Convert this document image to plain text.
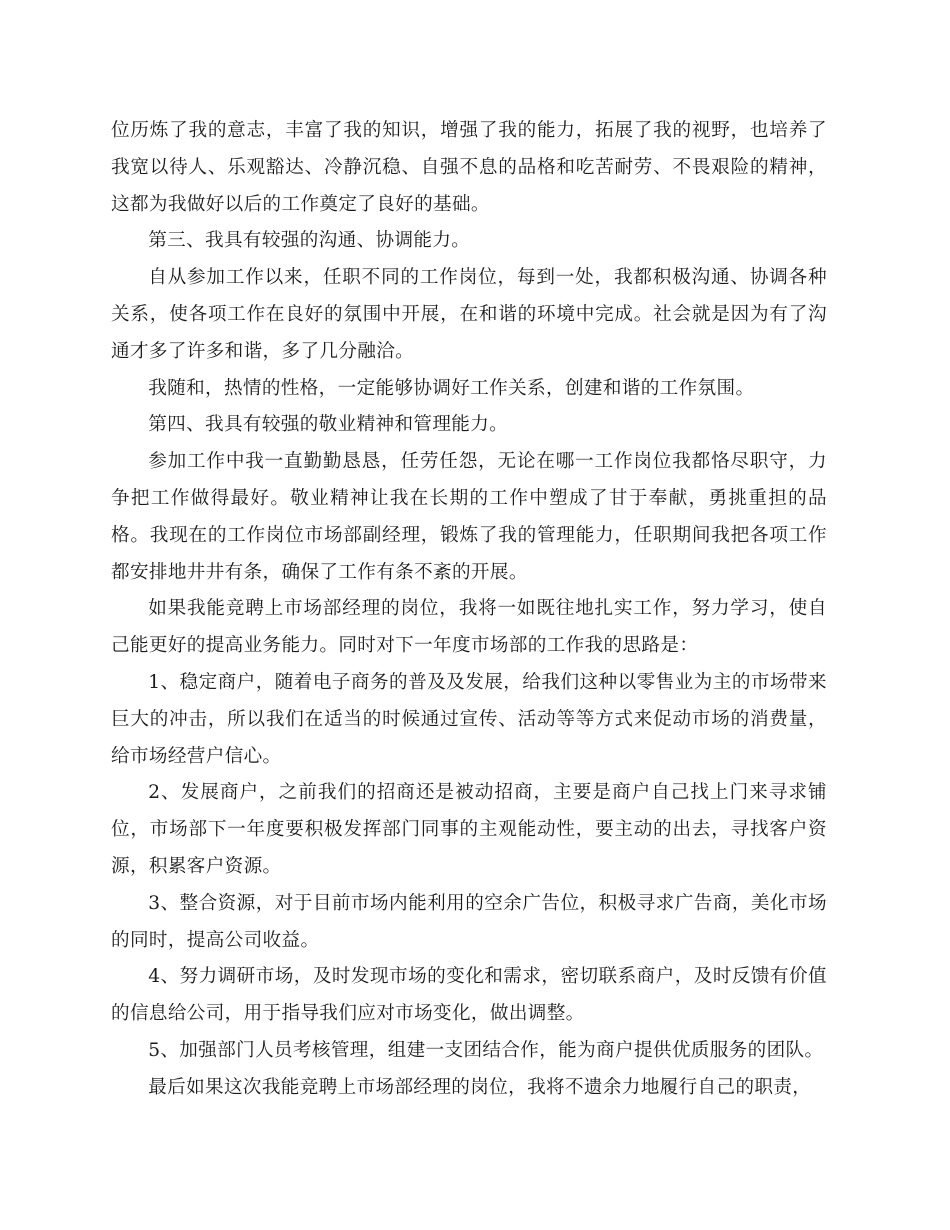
位历炼了我的意志，丰富了我的知识，增强了我的能力，拓展了我的视野，也培养了我宽以待人、乐观豁达、冷静沉稳、自强不息的品格和吃苦耐劳、不畏艰险的精神，这都为我做好以后的工作奠定了良好的基础。

第三、我具有较强的沟通、协调能力。

自从参加工作以来，任职不同的工作岗位，每到一处，我都积极沟通、协调各种关系，使各项工作在良好的氛围中开展，在和谐的环境中完成。社会就是因为有了沟通才多了许多和谐，多了几分融洽。

我随和，热情的性格，一定能够协调好工作关系，创建和谐的工作氛围。

第四、我具有较强的敬业精神和管理能力。

参加工作中我一直勤勤恳恳，任劳任怨，无论在哪一工作岗位我都恪尽职守，力争把工作做得最好。敬业精神让我在长期的工作中塑成了甘于奉献，勇挑重担的品格。我现在的工作岗位市场部副经理，锻炼了我的管理能力，任职期间我把各项工作都安排地井井有条，确保了工作有条不紊的开展。

如果我能竞聘上市场部经理的岗位，我将一如既往地扎实工作，努力学习，使自己能更好的提高业务能力。同时对下一年度市场部的工作我的思路是：

1、稳定商户，随着电子商务的普及及发展，给我们这种以零售业为主的市场带来巨大的冲击，所以我们在适当的时候通过宣传、活动等等方式来促动市场的消费量，给市场经营户信心。

2、发展商户，之前我们的招商还是被动招商，主要是商户自己找上门来寻求铺位，市场部下一年度要积极发挥部门同事的主观能动性，要主动的出去，寻找客户资源，积累客户资源。

3、整合资源，对于目前市场内能利用的空余广告位，积极寻求广告商，美化市场的同时，提高公司收益。

4、努力调研市场，及时发现市场的变化和需求，密切联系商户，及时反馈有价值的信息给公司，用于指导我们应对市场变化，做出调整。

5、加强部门人员考核管理，组建一支团结合作，能为商户提供优质服务的团队。

最后如果这次我能竞聘上市场部经理的岗位，我将不遗余力地履行自己的职责，
